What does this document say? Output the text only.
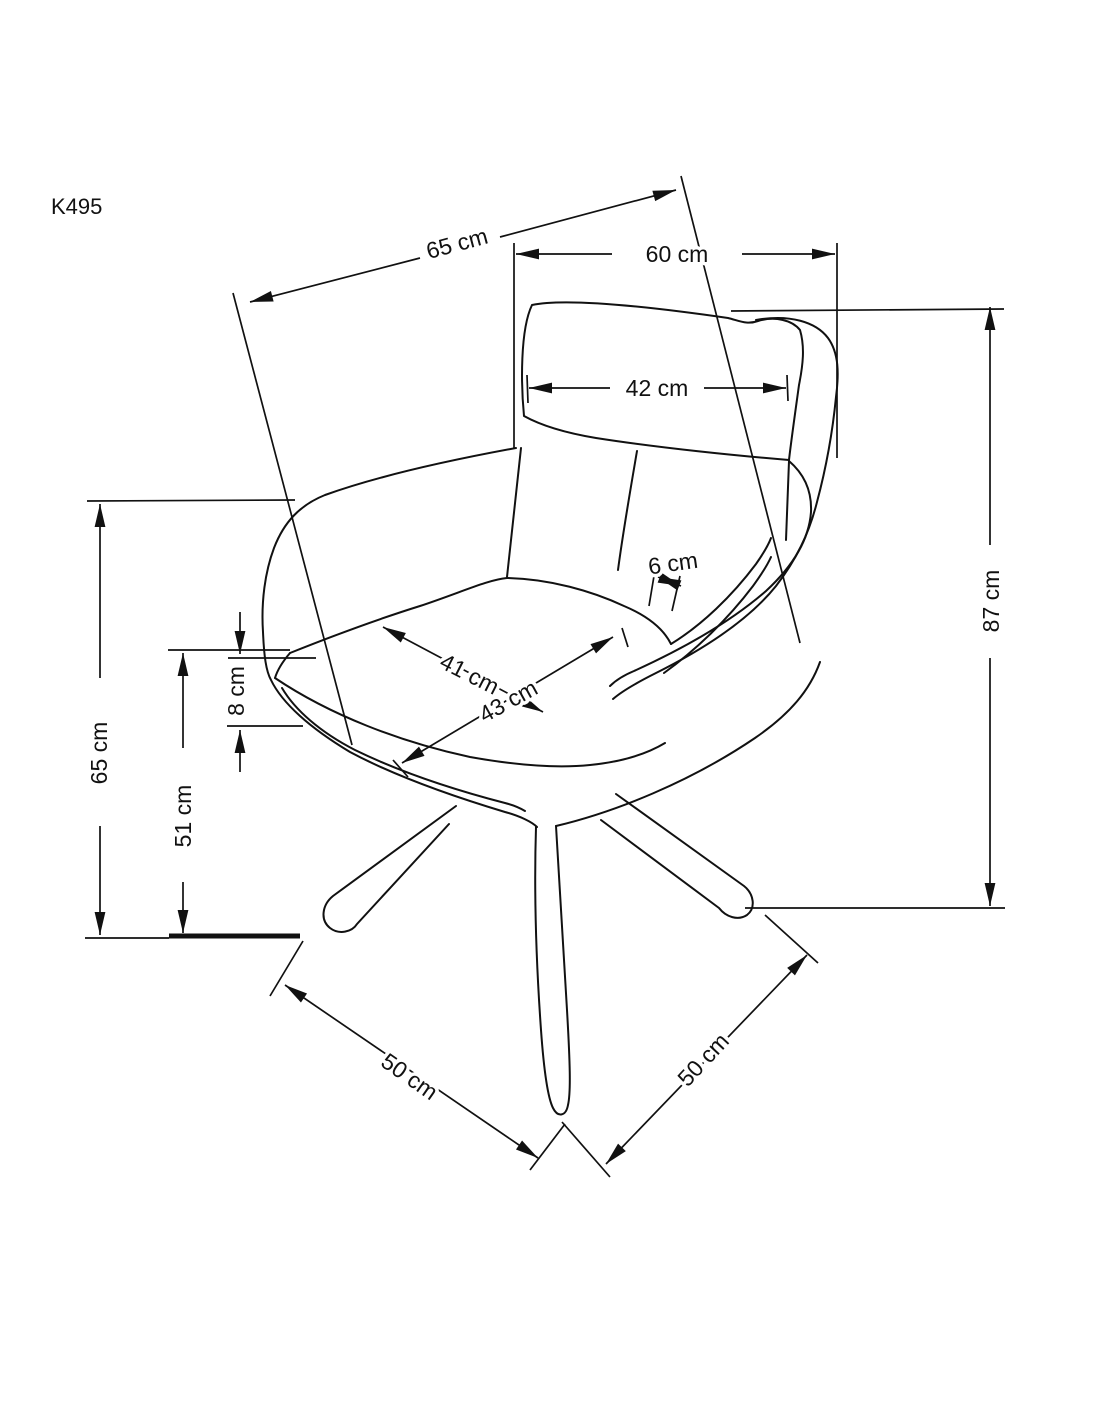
65 cm	60 cm
42 cm
87 cm
65 cm
51 cm
8 cm
6 cm
41 cm
43 cm
50 cm	50 cm
K495
